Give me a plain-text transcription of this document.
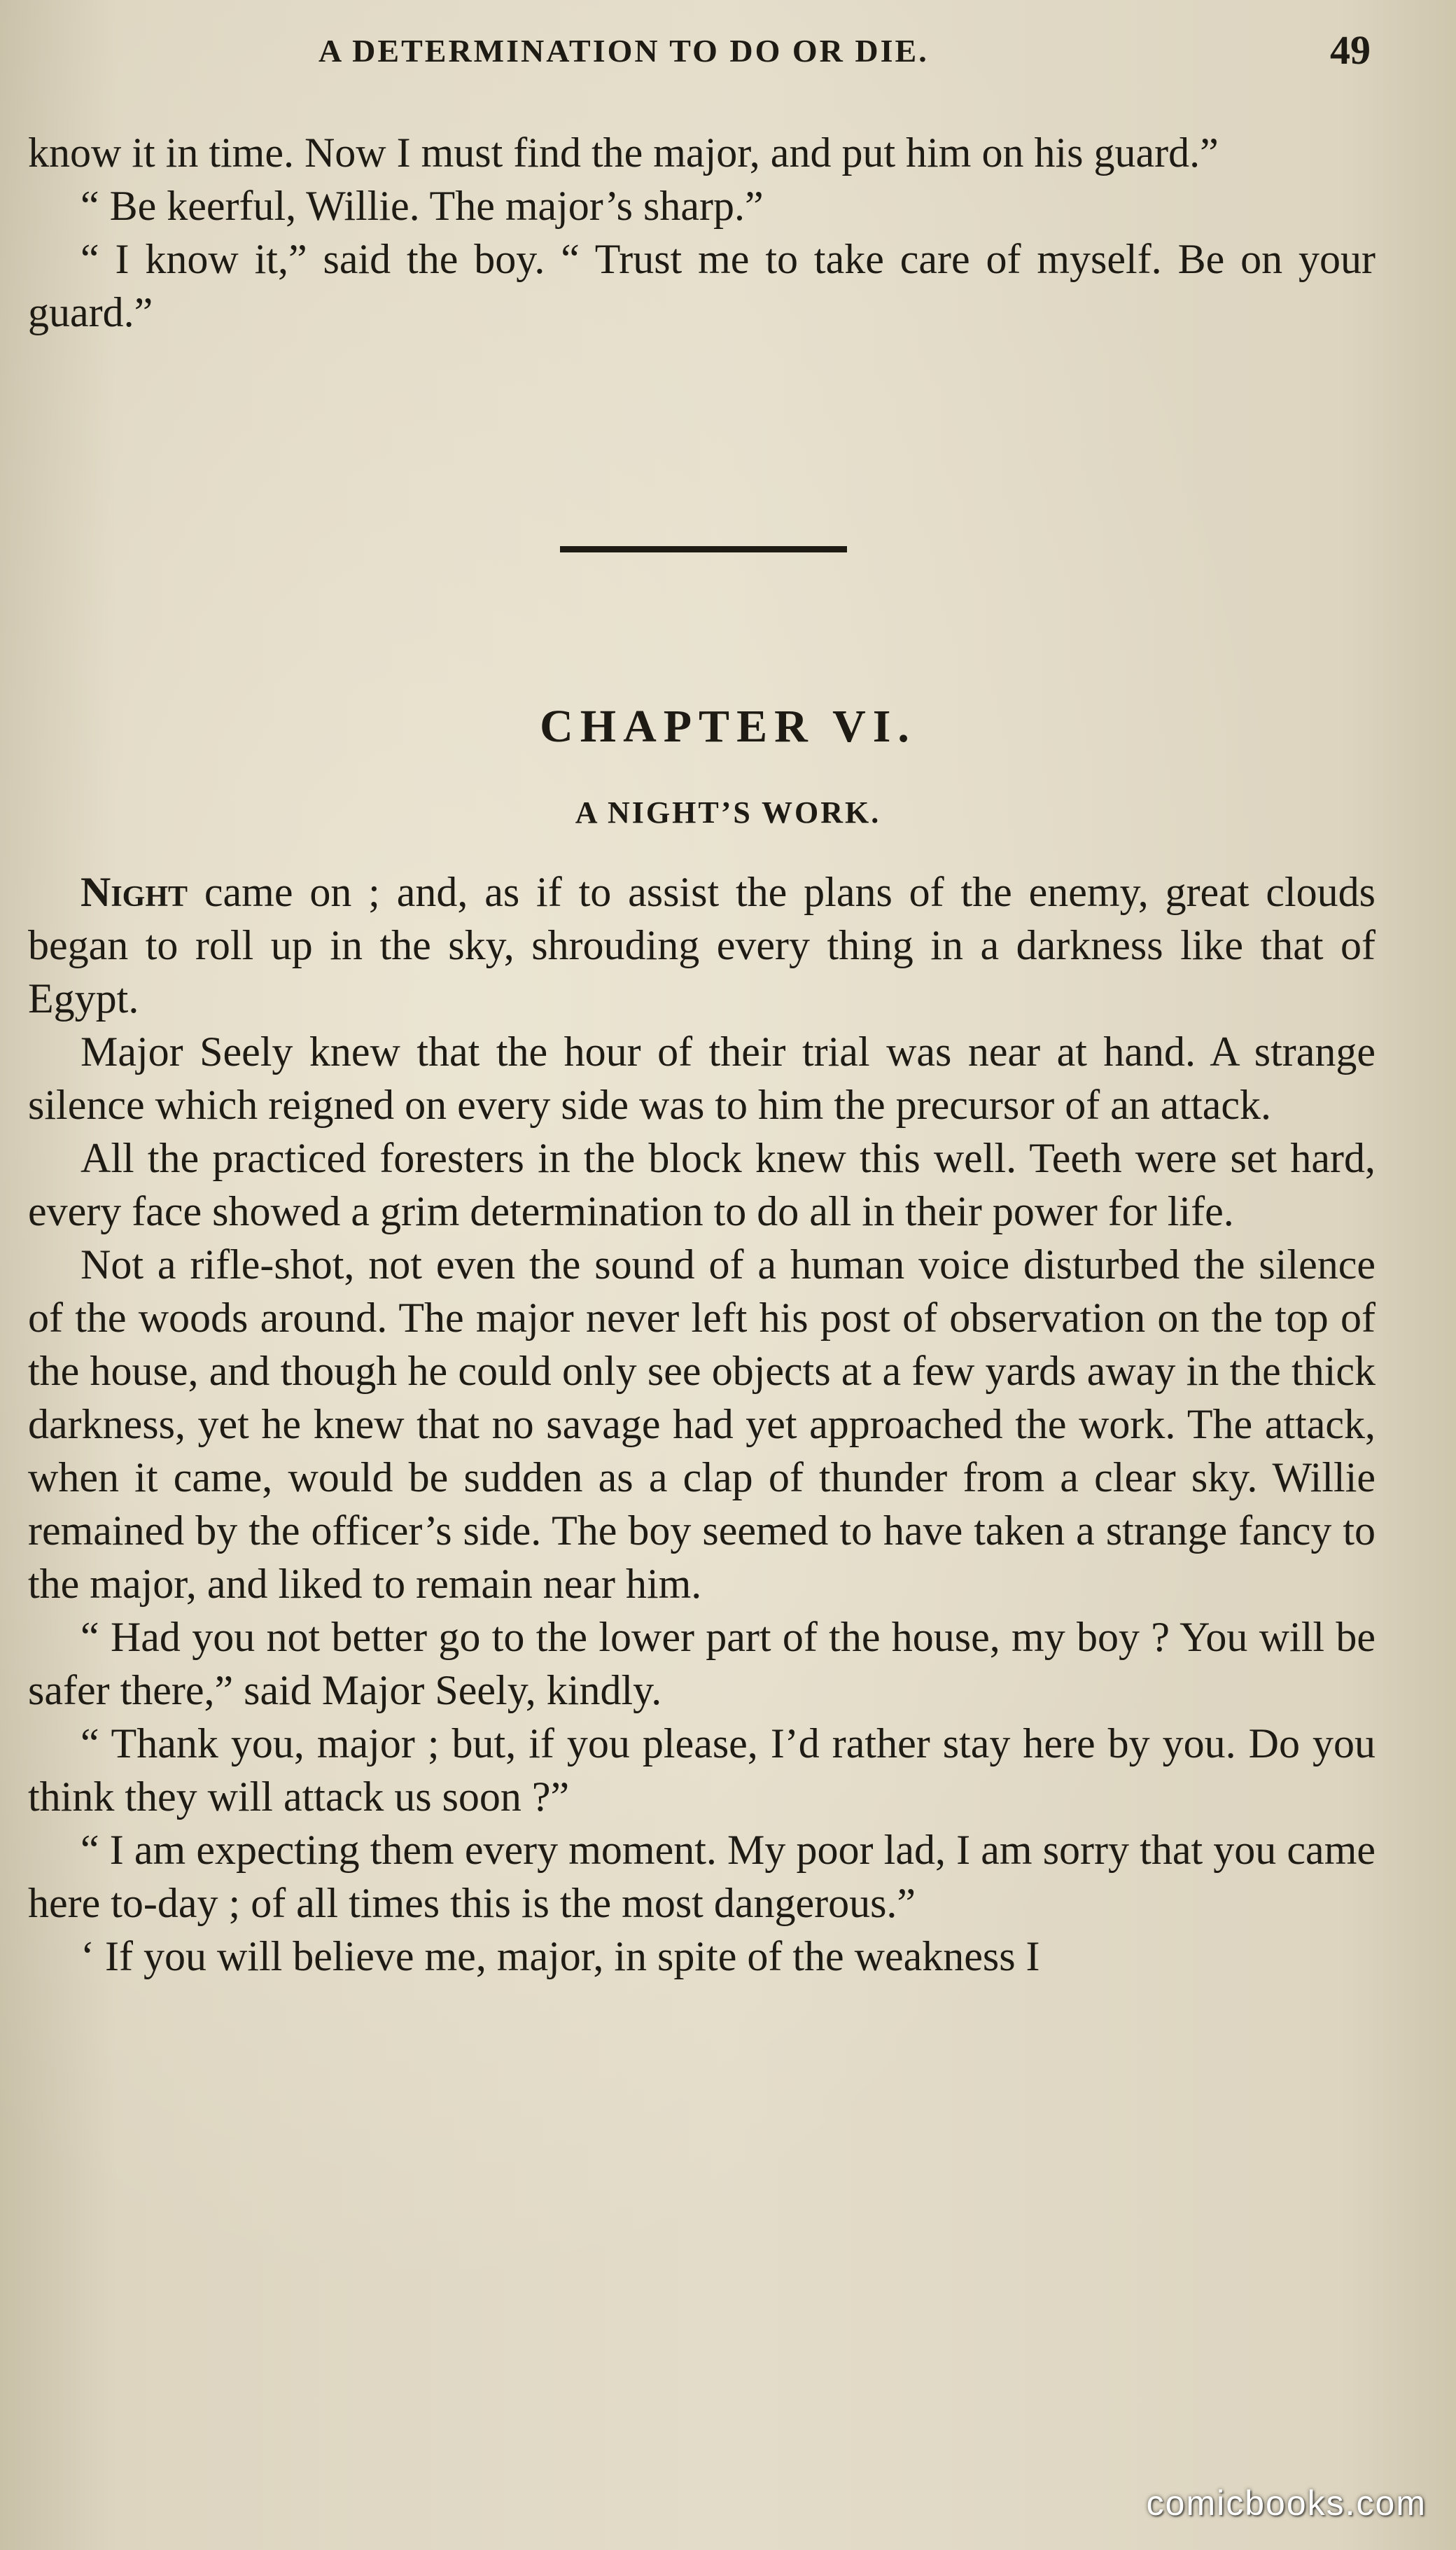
A DETERMINATION TO DO OR DIE.	49

know it in time. Now I must find the major, and put him on his guard.”

“ Be keerful, Willie. The major’s sharp.”

“ I know it,” said the boy. “ Trust me to take care of myself. Be on your guard.”

CHAPTER VI.
A NIGHT’S WORK.

Night came on ; and, as if to assist the plans of the enemy, great clouds began to roll up in the sky, shrouding every thing in a darkness like that of Egypt.

Major Seely knew that the hour of their trial was near at hand. A strange silence which reigned on every side was to him the precursor of an attack.

All the practiced foresters in the block knew this well. Teeth were set hard, every face showed a grim determination to do all in their power for life.

Not a rifle-shot, not even the sound of a human voice disturbed the silence of the woods around. The major never left his post of observation on the top of the house, and though he could only see objects at a few yards away in the thick darkness, yet he knew that no savage had yet approached the work. The attack, when it came, would be sudden as a clap of thunder from a clear sky. Willie remained by the officer’s side. The boy seemed to have taken a strange fancy to the major, and liked to remain near him.

“ Had you not better go to the lower part of the house, my boy ? You will be safer there,” said Major Seely, kindly.

“ Thank you, major ; but, if you please, I’d rather stay here by you. Do you think they will attack us soon ?”

“ I am expecting them every moment. My poor lad, I am sorry that you came here to-day ; of all times this is the most dangerous.”

‘ If you will believe me, major, in spite of the weakness I

comicbooks.com
